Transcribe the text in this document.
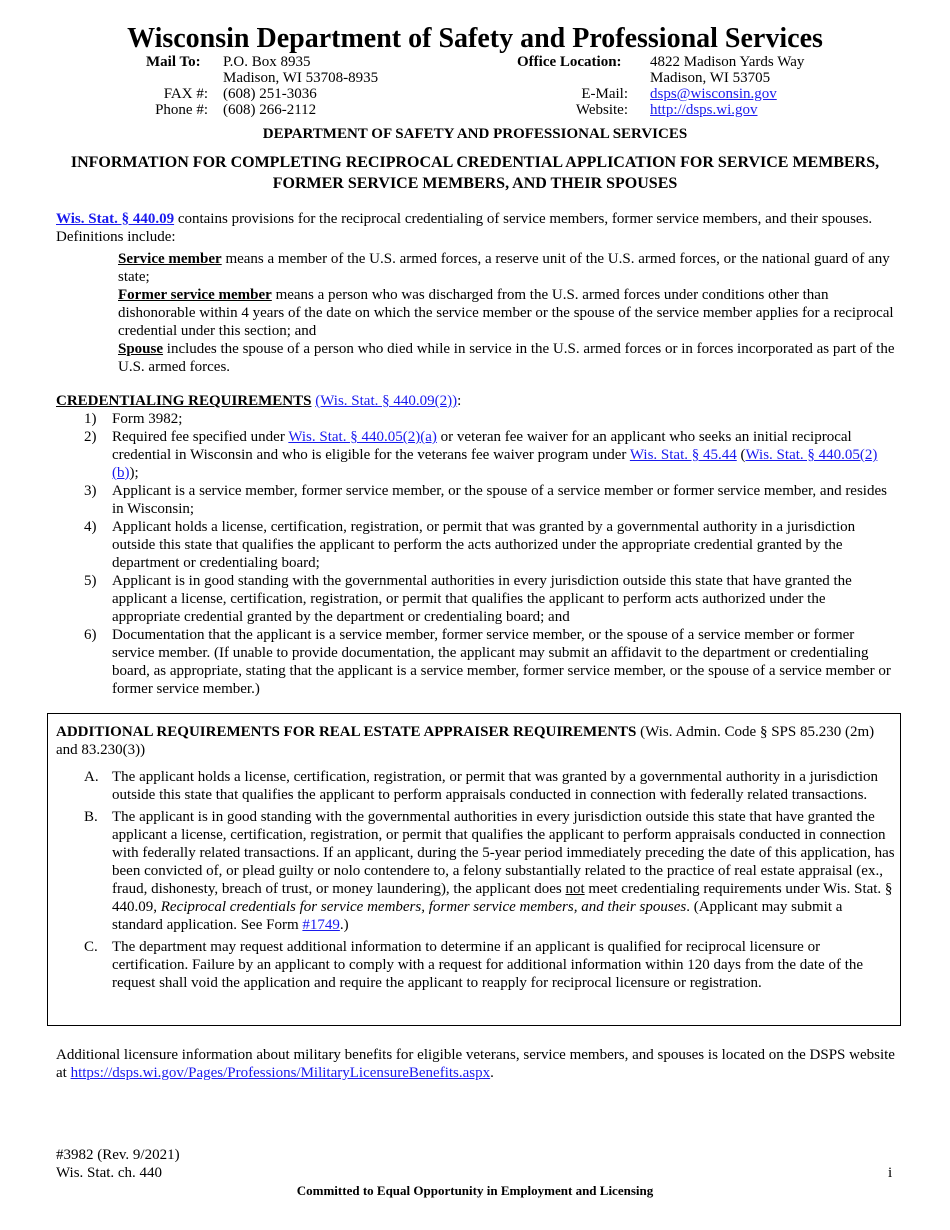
Wisconsin Department of Safety and Professional Services
Mail To: P.O. Box 8935
Madison, WI 53708-8935
FAX #: (608) 251-3036
Phone #: (608) 266-2112
Office Location: 4822 Madison Yards Way
Madison, WI 53705
E-Mail: dsps@wisconsin.gov
Website: http://dsps.wi.gov
DEPARTMENT OF SAFETY AND PROFESSIONAL SERVICES
INFORMATION FOR COMPLETING RECIPROCAL CREDENTIAL APPLICATION FOR SERVICE MEMBERS, FORMER SERVICE MEMBERS, AND THEIR SPOUSES
Wis. Stat. § 440.09 contains provisions for the reciprocal credentialing of service members, former service members, and their spouses. Definitions include:

Service member means a member of the U.S. armed forces, a reserve unit of the U.S. armed forces, or the national guard of any state;

Former service member means a person who was discharged from the U.S. armed forces under conditions other than dishonorable within 4 years of the date on which the service member or the spouse of the service member applies for a reciprocal credential under this section; and

Spouse includes the spouse of a person who died while in service in the U.S. armed forces or in forces incorporated as part of the U.S. armed forces.

CREDENTIALING REQUIREMENTS (Wis. Stat. § 440.09(2)):
1) Form 3982;
2) Required fee specified under Wis. Stat. § 440.05(2)(a) or veteran fee waiver for an applicant who seeks an initial reciprocal credential in Wisconsin and who is eligible for the veterans fee waiver program under Wis. Stat. § 45.44 (Wis. Stat. § 440.05(2)(b));
3) Applicant is a service member, former service member, or the spouse of a service member or former service member, and resides in Wisconsin;
4) Applicant holds a license, certification, registration, or permit that was granted by a governmental authority in a jurisdiction outside this state that qualifies the applicant to perform the acts authorized under the appropriate credential granted by the department or credentialing board;
5) Applicant is in good standing with the governmental authorities in every jurisdiction outside this state that have granted the applicant a license, certification, registration, or permit that qualifies the applicant to perform acts authorized under the appropriate credential granted by the department or credentialing board; and
6) Documentation that the applicant is a service member, former service member, or the spouse of a service member or former service member. (If unable to provide documentation, the applicant may submit an affidavit to the department or credentialing board, as appropriate, stating that the applicant is a service member, former service member, or the spouse of a service member or former service member.)
ADDITIONAL REQUIREMENTS FOR REAL ESTATE APPRAISER REQUIREMENTS (Wis. Admin. Code § SPS 85.230 (2m) and 83.230(3))
A. The applicant holds a license, certification, registration, or permit that was granted by a governmental authority in a jurisdiction outside this state that qualifies the applicant to perform appraisals conducted in connection with federally related transactions.
B. The applicant is in good standing with the governmental authorities in every jurisdiction outside this state that have granted the applicant a license, certification, registration, or permit that qualifies the applicant to perform appraisals conducted in connection with federally related transactions. If an applicant, during the 5-year period immediately preceding the date of this application, has been convicted of, or plead guilty or nolo contendere to, a felony substantially related to the practice of real estate appraisal (ex., fraud, dishonesty, breach of trust, or money laundering), the applicant does not meet credentialing requirements under Wis. Stat. § 440.09, Reciprocal credentials for service members, former service members, and their spouses. (Applicant may submit a standard application. See Form #1749.)
C. The department may request additional information to determine if an applicant is qualified for reciprocal licensure or certification. Failure by an applicant to comply with a request for additional information within 120 days from the date of the request shall void the application and require the applicant to reapply for reciprocal licensure or registration.
Additional licensure information about military benefits for eligible veterans, service members, and spouses is located on the DSPS website at https://dsps.wi.gov/Pages/Professions/MilitaryLicensureBenefits.aspx.
#3982 (Rev. 9/2021)
Wis. Stat. ch. 440	i
Committed to Equal Opportunity in Employment and Licensing
